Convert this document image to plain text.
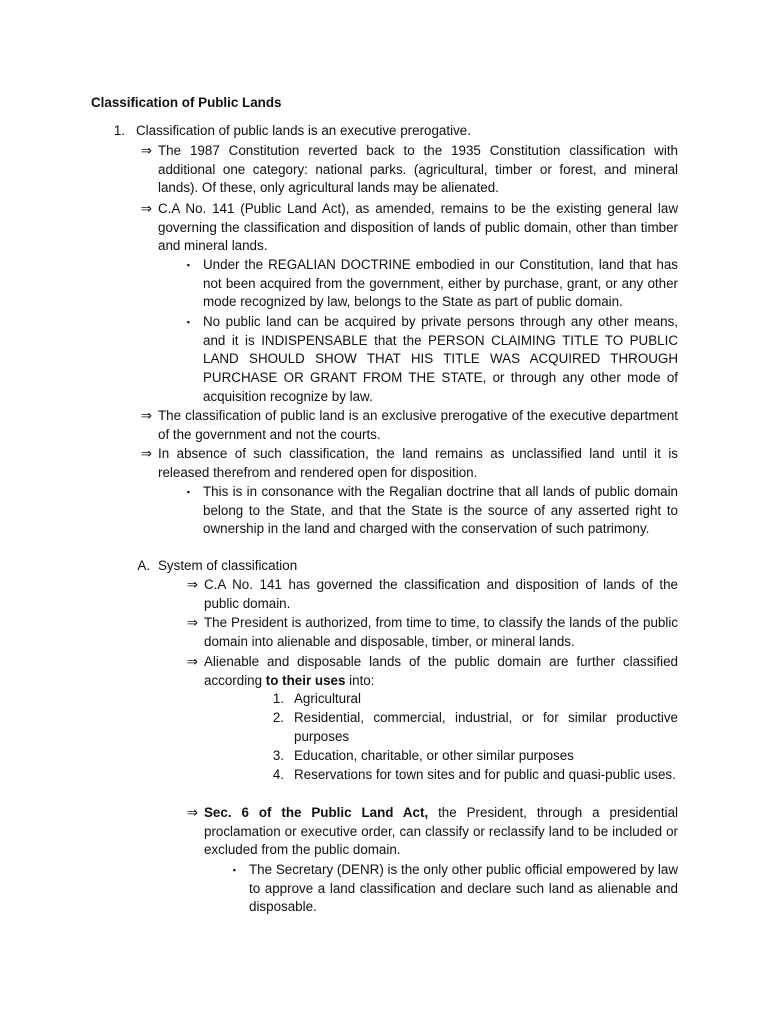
Classification of Public Lands
1. Classification of public lands is an executive prerogative.
⇒ The 1987 Constitution reverted back to the 1935 Constitution classification with additional one category: national parks. (agricultural, timber or forest, and mineral lands). Of these, only agricultural lands may be alienated.
⇒ C.A No. 141 (Public Land Act), as amended, remains to be the existing general law governing the classification and disposition of lands of public domain, other than timber and mineral lands.
▪ Under the REGALIAN DOCTRINE embodied in our Constitution, land that has not been acquired from the government, either by purchase, grant, or any other mode recognized by law, belongs to the State as part of public domain.
▪ No public land can be acquired by private persons through any other means, and it is INDISPENSABLE that the PERSON CLAIMING TITLE TO PUBLIC LAND SHOULD SHOW THAT HIS TITLE WAS ACQUIRED THROUGH PURCHASE OR GRANT FROM THE STATE, or through any other mode of acquisition recognize by law.
⇒ The classification of public land is an exclusive prerogative of the executive department of the government and not the courts.
⇒ In absence of such classification, the land remains as unclassified land until it is released therefrom and rendered open for disposition.
▪ This is in consonance with the Regalian doctrine that all lands of public domain belong to the State, and that the State is the source of any asserted right to ownership in the land and charged with the conservation of such patrimony.
A. System of classification
⇒ C.A No. 141 has governed the classification and disposition of lands of the public domain.
⇒ The President is authorized, from time to time, to classify the lands of the public domain into alienable and disposable, timber, or mineral lands.
⇒ Alienable and disposable lands of the public domain are further classified according to their uses into:
1. Agricultural
2. Residential, commercial, industrial, or for similar productive purposes
3. Education, charitable, or other similar purposes
4. Reservations for town sites and for public and quasi-public uses.
⇒ Sec. 6 of the Public Land Act, the President, through a presidential proclamation or executive order, can classify or reclassify land to be included or excluded from the public domain.
▪ The Secretary (DENR) is the only other public official empowered by law to approve a land classification and declare such land as alienable and disposable.
